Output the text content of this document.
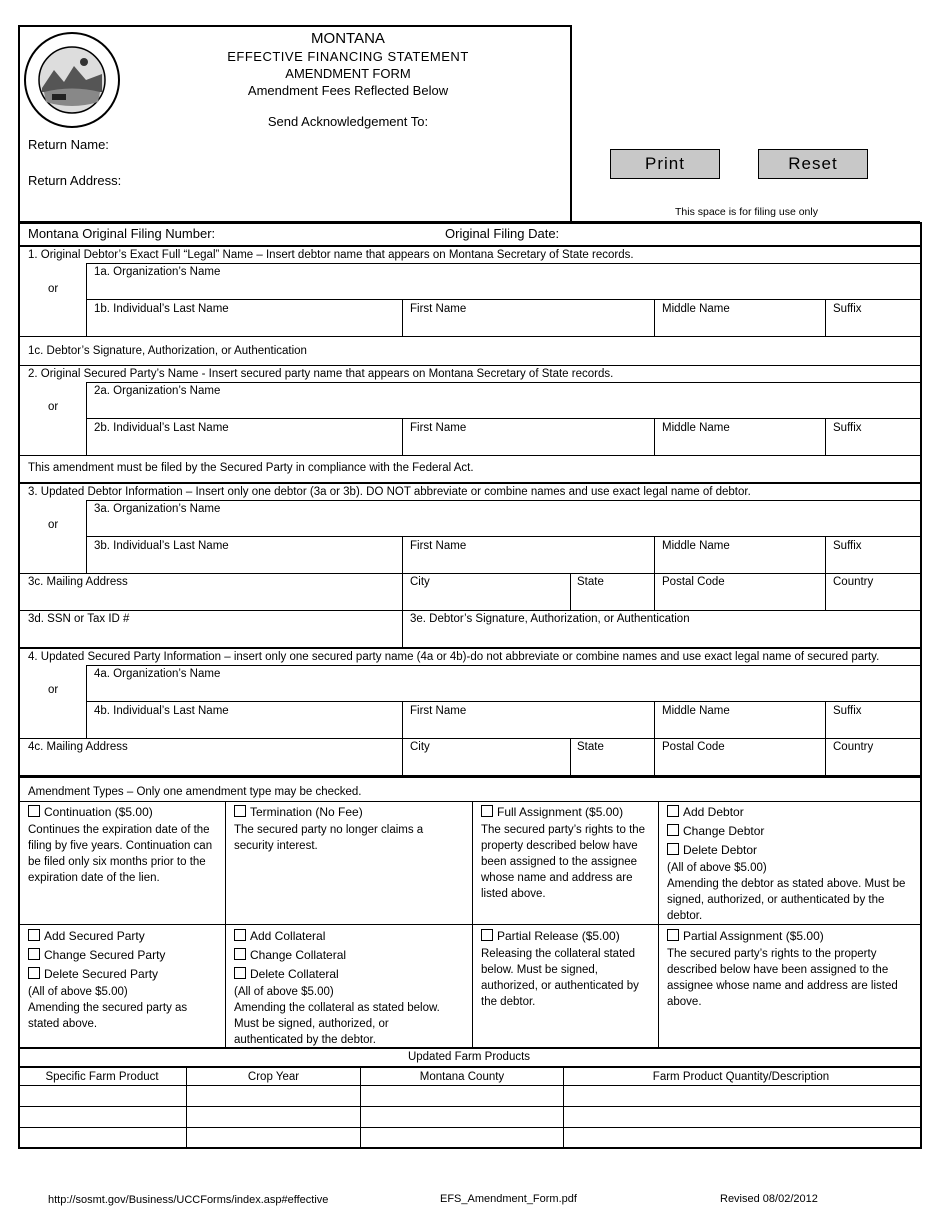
MONTANA
EFFECTIVE FINANCING STATEMENT
AMENDMENT FORM
Amendment Fees Reflected Below
Send Acknowledgement To:
Return Name:
Return Address:
Print	Reset
This space is for filing use only
Montana Original Filing Number:	Original Filing Date:
1. Original Debtor’s Exact Full “Legal” Name – Insert debtor name that appears on Montana Secretary of State records.
or
1a. Organization’s Name
1b. Individual’s Last Name	First Name	Middle Name	Suffix
1c. Debtor’s Signature, Authorization, or Authentication
2. Original Secured Party’s Name - Insert secured party name that appears on Montana Secretary of State records.
or
2a. Organization’s Name
2b. Individual’s Last Name	First Name	Middle Name	Suffix
This amendment must be filed by the Secured Party in compliance with the Federal Act.
3. Updated Debtor Information – Insert only one debtor (3a or 3b). DO NOT abbreviate or combine names and use exact legal name of debtor.
or
3a. Organization’s Name
3b. Individual’s Last Name	First Name	Middle Name	Suffix
3c. Mailing Address	City	State	Postal Code	Country
3d. SSN or Tax ID #	3e. Debtor’s Signature, Authorization, or Authentication
4. Updated Secured Party Information – insert only one secured party name (4a or 4b)-do not abbreviate or combine names and use exact legal name of secured party.
or
4a. Organization’s Name
4b. Individual’s Last Name	First Name	Middle Name	Suffix
4c. Mailing Address	City	State	Postal Code	Country
Amendment Types – Only one amendment type may be checked.
Continuation ($5.00)
Continues the expiration date of the filing by five years. Continuation can be filed only six months prior to the expiration date of the lien.
Termination (No Fee)
The secured party no longer claims a security interest.
Full Assignment ($5.00)
The secured party’s rights to the property described below have been assigned to the assignee whose name and address are listed above.
Add Debtor
Change Debtor
Delete Debtor
(All of above $5.00)
Amending the debtor as stated above. Must be signed, authorized, or authenticated by the debtor.
Add Secured Party
Change Secured Party
Delete Secured Party
(All of above $5.00)
Amending the secured party as stated above.
Add Collateral
Change Collateral
Delete Collateral
(All of above $5.00)
Amending the collateral as stated below. Must be signed, authorized, or authenticated by the debtor.
Partial Release ($5.00)
Releasing the collateral stated below. Must be signed, authorized, or authenticated by the debtor.
Partial Assignment ($5.00)
The secured party’s rights to the property described below have been assigned to the assignee whose name and address are listed above.
Updated Farm Products
Specific Farm Product	Crop Year	Montana County	Farm Product Quantity/Description
http://sosmt.gov/Business/UCCForms/index.asp#effective	EFS_Amendment_Form.pdf	Revised 08/02/2012
